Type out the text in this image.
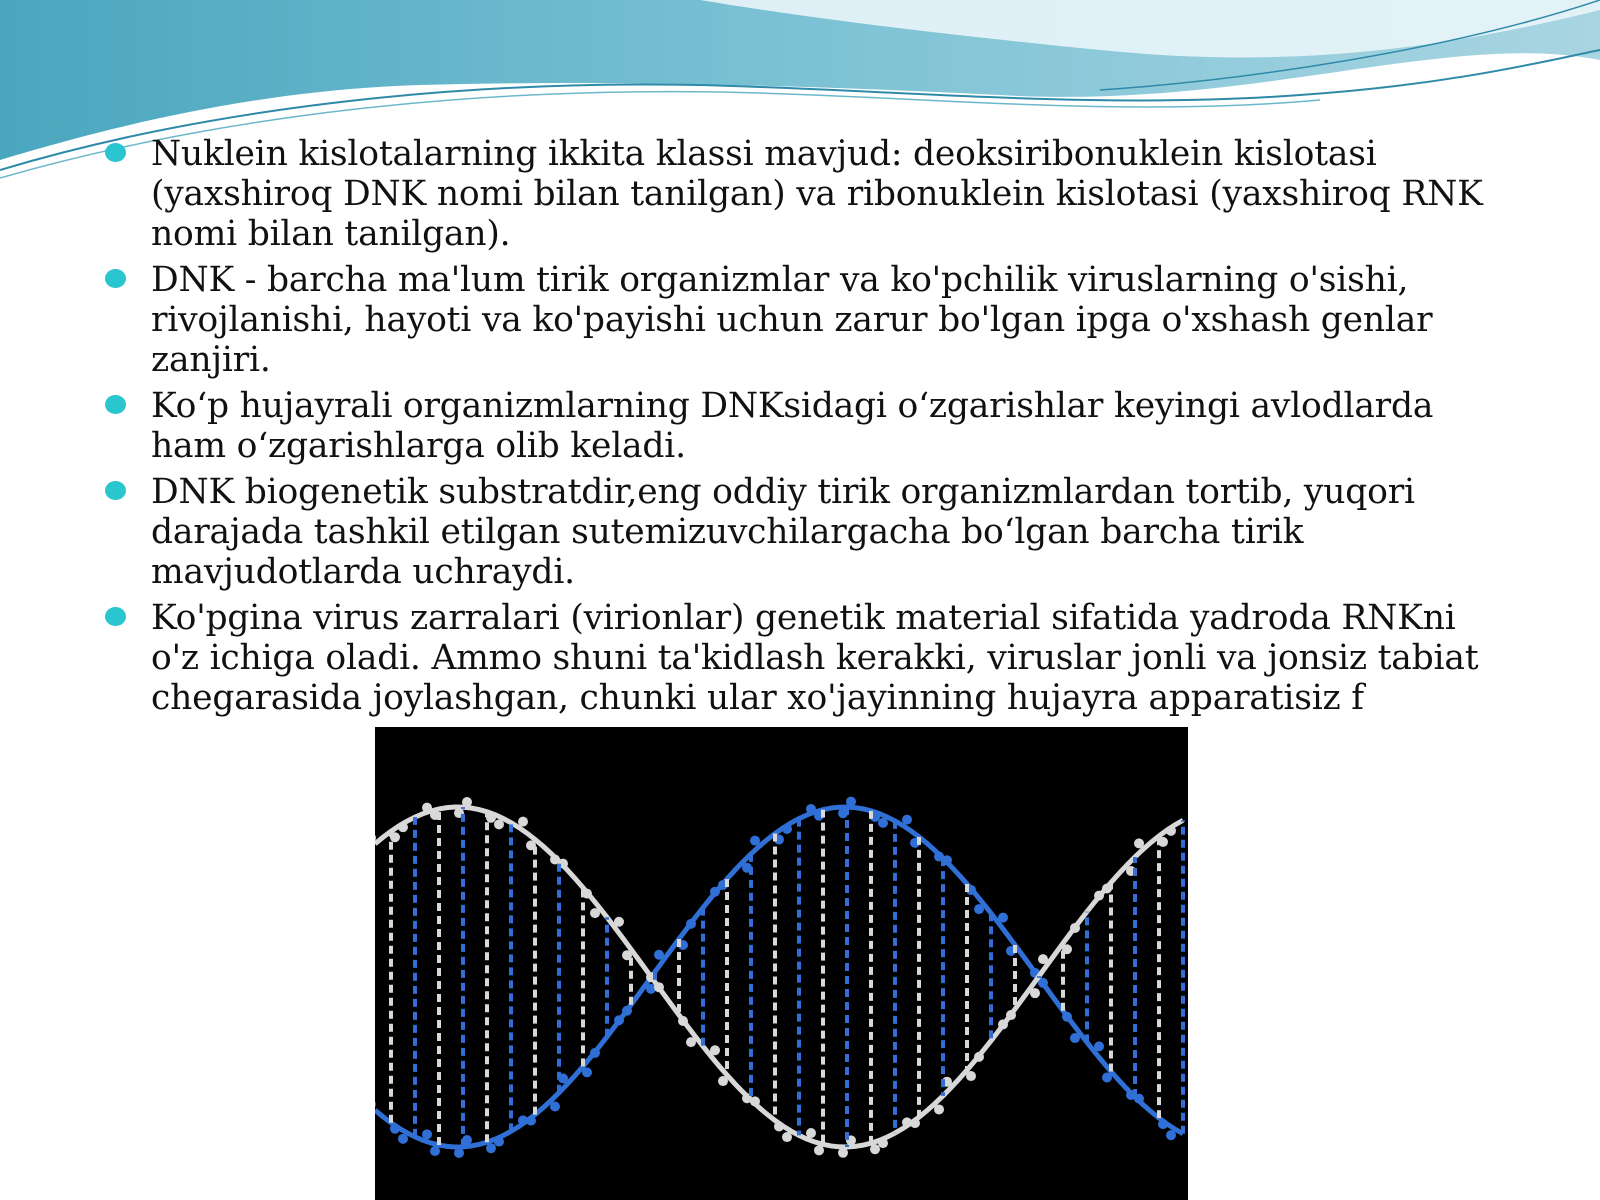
Nuklein kislotalarning ikkita klassi mavjud: deoksiribonuklein kislotasi (yaxshiroq DNK nomi bilan tanilgan) va ribonuklein kislotasi (yaxshiroq RNK nomi bilan tanilgan).
DNK - barcha ma'lum tirik organizmlar va ko'pchilik viruslarning o'sishi, rivojlanishi, hayoti va ko'payishi uchun zarur bo'lgan ipga o'xshash genlar zanjiri.
Ko‘p hujayrali organizmlarning DNKsidagi o‘zgarishlar keyingi avlodlarda ham o‘zgarishlarga olib keladi.
DNK biogenetik substratdir,eng oddiy tirik organizmlardan tortib, yuqori darajada tashkil etilgan sutemizuvchilargacha bo‘lgan barcha tirik mavjudotlarda uchraydi.
Ko'pgina virus zarralari (virionlar) genetik material sifatida yadroda RNKni o'z ichiga oladi. Ammo shuni ta'kidlash kerakki, viruslar jonli va jonsiz tabiat chegarasida joylashgan, chunki ular xo'jayinning hujayra apparatisiz f
